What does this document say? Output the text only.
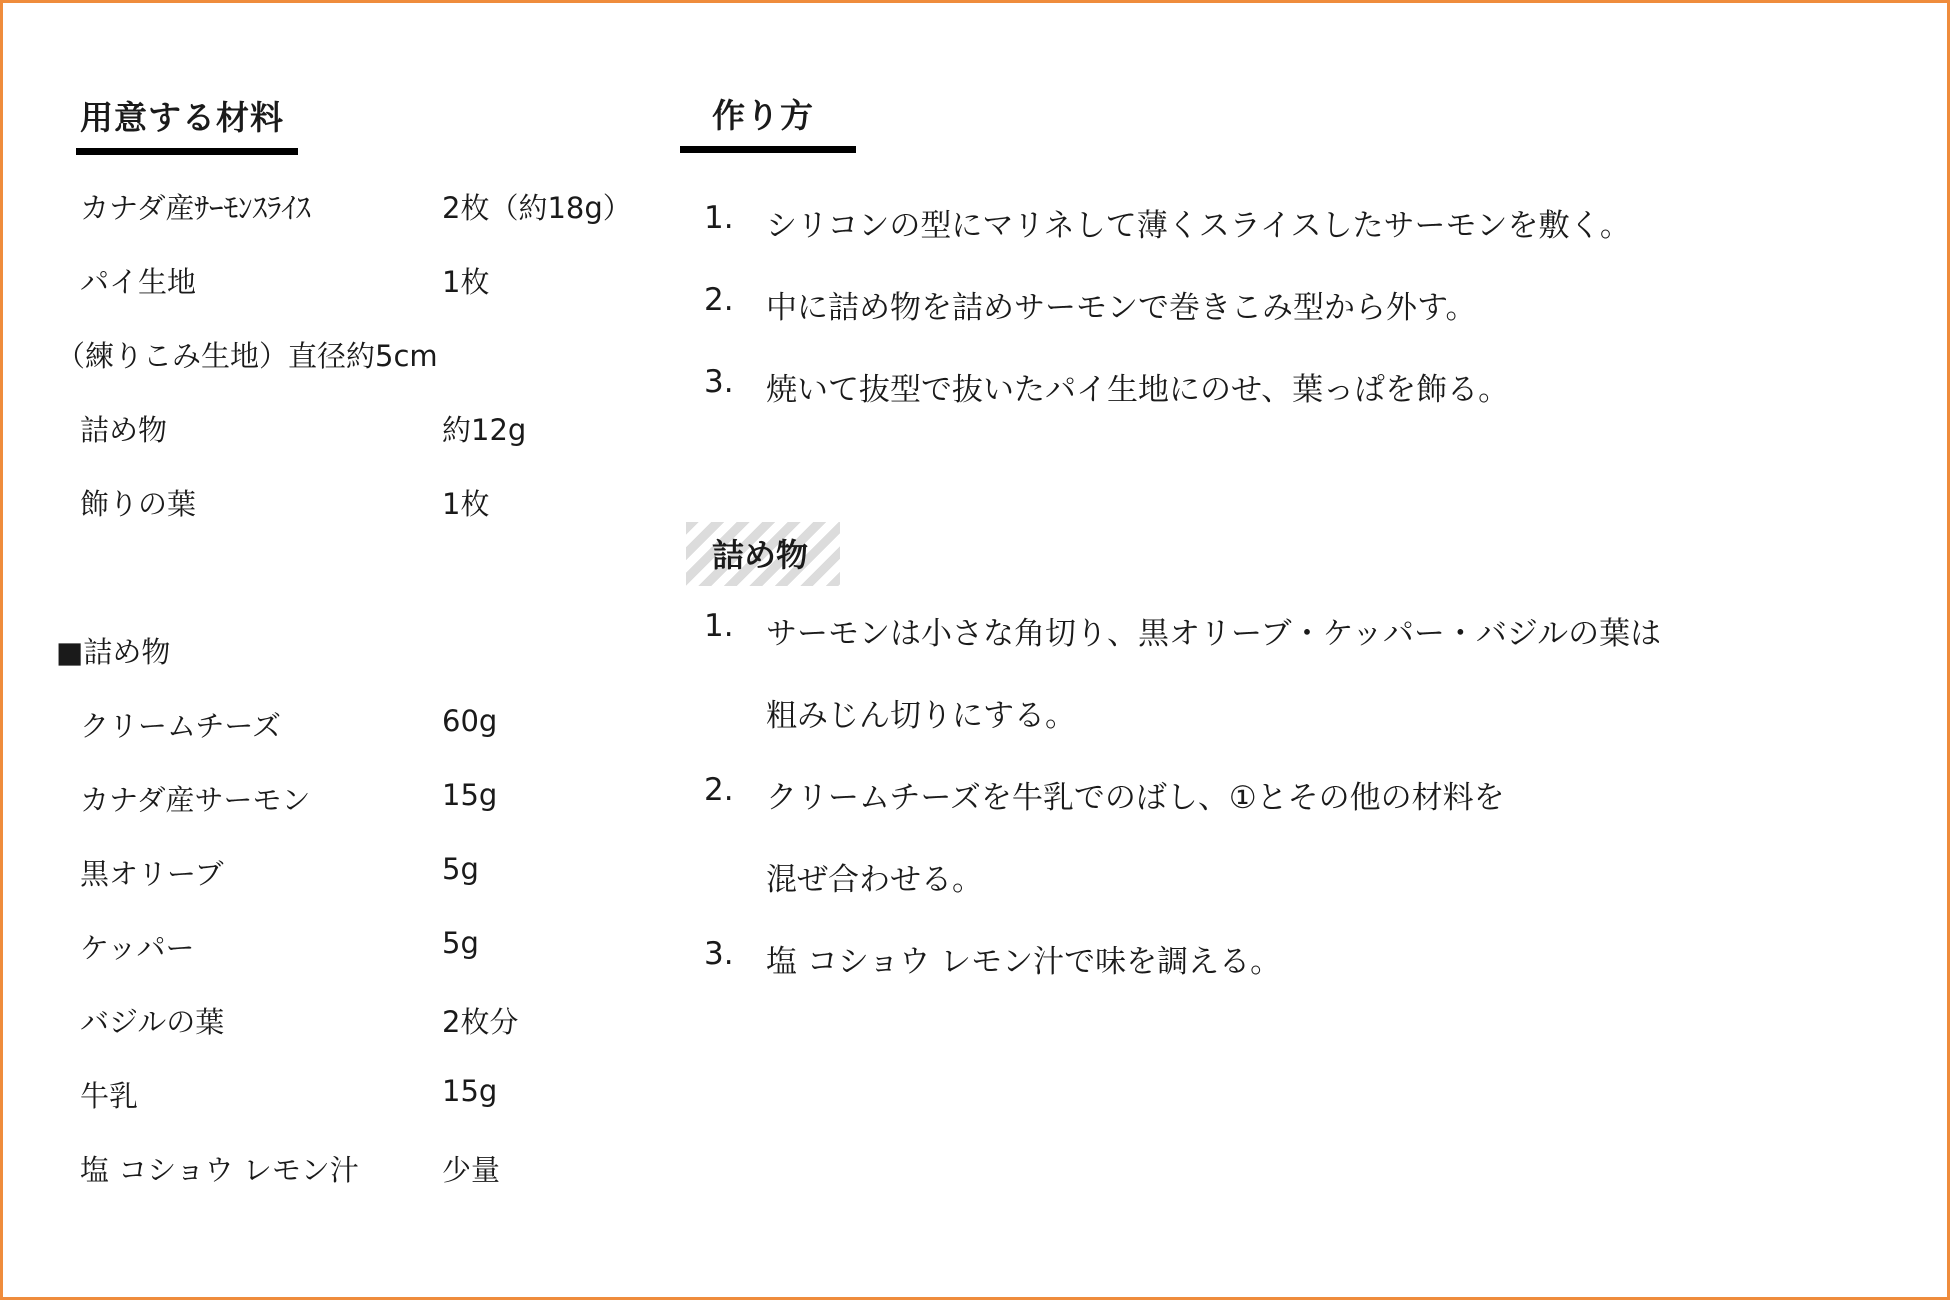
用意する材料
カナダ産ｻｰﾓﾝｽﾗｲｽ	2枚（約18g）
パイ生地	1枚
（練りこみ生地）直径約5cm
詰め物	約12g
飾りの葉	1枚
■詰め物
クリームチーズ	60g
カナダ産サーモン	15g
黒オリーブ	5g
ケッパー	5g
バジルの葉	2枚分
牛乳	15g
塩 コショウ レモン汁	少量
作り方
1. シリコンの型にマリネして薄くスライスしたサーモンを敷く。
2. 中に詰め物を詰めサーモンで巻きこみ型から外す。
3. 焼いて抜型で抜いたパイ生地にのせ、葉っぱを飾る。
詰め物
1. サーモンは小さな角切り、黒オリーブ・ケッパー・バジルの葉は
粗みじん切りにする。
2. クリームチーズを牛乳でのばし、①とその他の材料を
混ぜ合わせる。
3. 塩 コショウ レモン汁で味を調える。
